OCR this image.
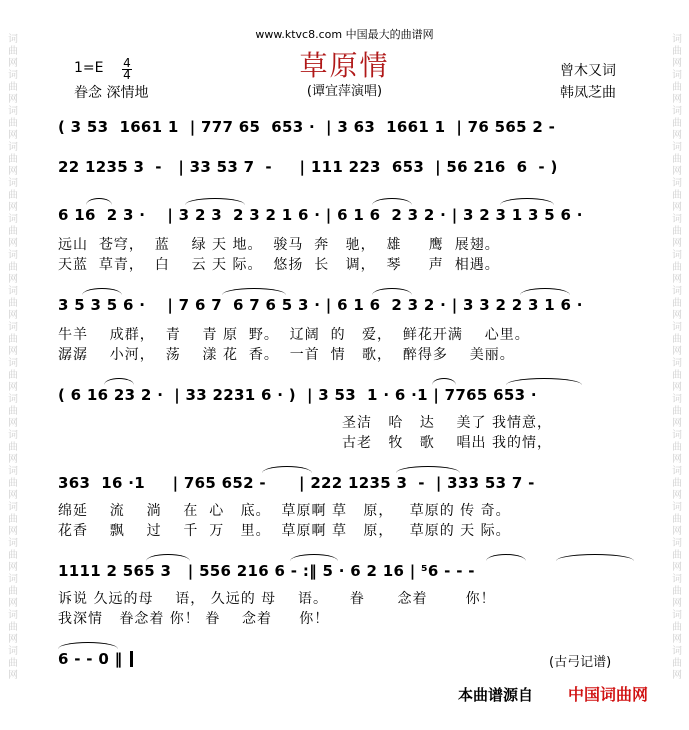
词曲网词曲网词曲网词曲网词曲网词曲网词曲网词曲网词曲网词曲网词曲网词曲网词曲网词曲网词曲网词曲网词曲网词曲网
词曲网词曲网词曲网词曲网词曲网词曲网词曲网词曲网词曲网词曲网词曲网词曲网词曲网词曲网词曲网词曲网词曲网词曲网
www.ktvc8.com 中国最大的曲谱网
草原情
(谭宜萍演唱)
1=E 4
4
眷念 深情地
曾木又词
韩凤芝曲
( 3 53  1661 1  | 777 65  653 ·  | 3 63  1661 1  | 76 565 2 -
22 1235 3  -   | 33 53 7  -     | 111 223  653  | 56 216  6  - )
6 16  2 3 ·    | 3 2 3  2 3 2 1 6 · | 6 1 6  2 3 2 · | 3 2 3 1 3 5 6 ·
远山  苍穹，  蓝    绿 天 地。  骏马  奔   驰，  雄     鹰  展翅。
天蓝  草青，  白    云 天 际。  悠扬  长   调，  琴     声  相遇。
3 5 3 5 6 ·    | 7 6 7  6 7 6 5 3 · | 6 1 6  2 3 2 · | 3 3 2 2 3 1 6 ·
牛羊    成群，  青    青 原  野。  辽阔  的   爱，  鲜花开满    心里。
潺潺    小河，  荡    漾 花  香。  一首  情   歌，  醉得多    美丽。
( 6 16 23 2 ·  | 33 2231 6 · )  | 3 53  1 · 6 ·1 | 7765 653 ·
圣洁   哈   达    美了 我情意，
古老   牧   歌    唱出 我的情，
363  16 ·1     | 765 652 -      | 222 1235 3  -  | 333 53 7 -
绵延    流    淌    在  心   底。  草原啊 草   原，   草原的 传 奇。
花香    飘    过    千  万   里。  草原啊 草   原，   草原的 天 际。
1111 2 565 3   | 556 216 6 - :‖ 5 · 6 2 16 | ⁵6 - - -
诉说 久远的母    语， 久远的 母    语。    眷      念着       你！
我深情   眷念着 你！ 眷    念着     你！
6 - - 0 ‖	(古弓记谱)
本曲谱源自 中国词曲网
